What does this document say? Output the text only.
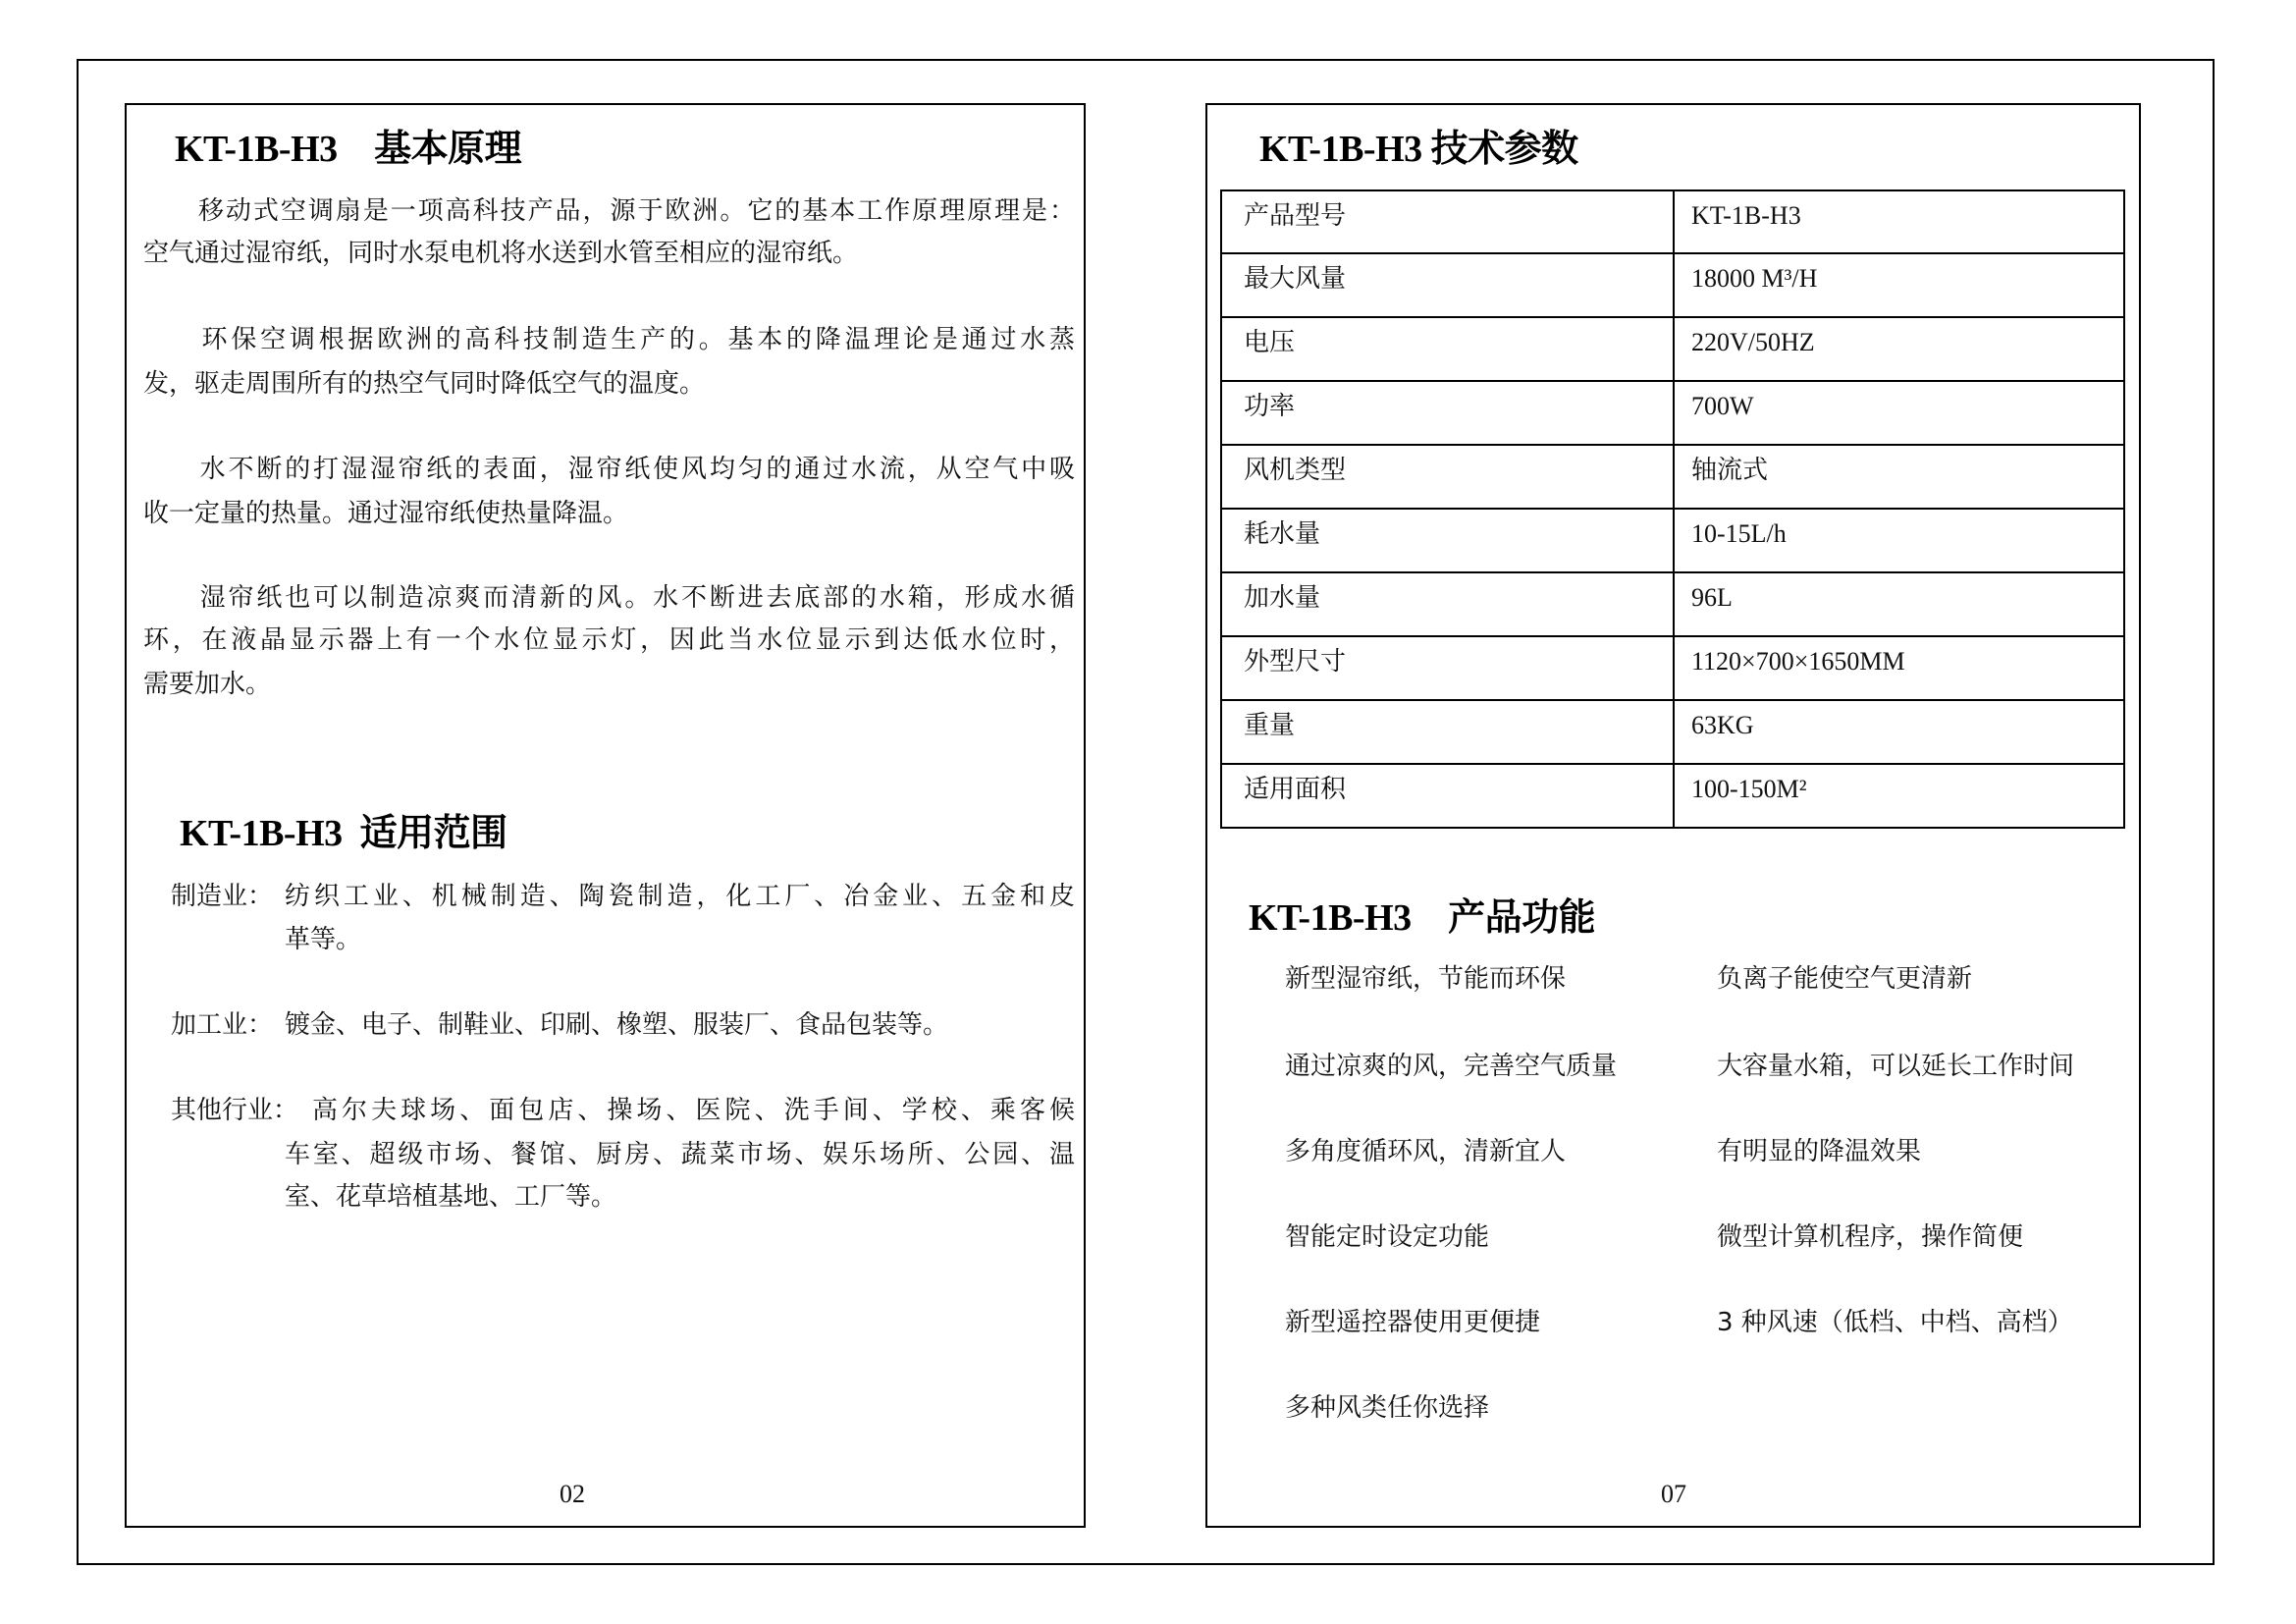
KT-1B-H3　基本原理
　　移动式空调扇是一项高科技产品，源于欧洲。它的基本工作原理原理是：
空气通过湿帘纸，同时水泵电机将水送到水管至相应的湿帘纸。
　　环保空调根据欧洲的高科技制造生产的。基本的降温理论是通过水蒸
发，驱走周围所有的热空气同时降低空气的温度。
　　水不断的打湿湿帘纸的表面，湿帘纸使风均匀的通过水流，从空气中吸
收一定量的热量。通过湿帘纸使热量降温。
　　湿帘纸也可以制造凉爽而清新的风。水不断进去底部的水箱，形成水循
环，在液晶显示器上有一个水位显示灯，因此当水位显示到达低水位时，
需要加水。
KT-1B-H3  适用范围
制造业： 纺织工业、机械制造、陶瓷制造，化工厂、冶金业、五金和皮
革等。
加工业： 镀金、电子、制鞋业、印刷、橡塑、服装厂、食品包装等。
其他行业： 高尔夫球场、面包店、操场、医院、洗手间、学校、乘客候
车室、超级市场、餐馆、厨房、蔬菜市场、娱乐场所、公园、温
室、花草培植基地、工厂等。
02
KT-1B-H3 技术参数
产品型号	KT-1B-H3
最大风量	18000 M³/H
电压	220V/50HZ
功率	700W
风机类型	轴流式
耗水量	10-15L/h
加水量	96L
外型尺寸	1120×700×1650MM
重量	63KG
适用面积	100-150M²
KT-1B-H3　产品功能
新型湿帘纸，节能而环保
通过凉爽的风，完善空气质量
多角度循环风，清新宜人
智能定时设定功能
新型遥控器使用更便捷
多种风类任你选择
负离子能使空气更清新
大容量水箱，可以延长工作时间
有明显的降温效果
微型计算机程序，操作简便
3 种风速（低档、中档、高档）
07
